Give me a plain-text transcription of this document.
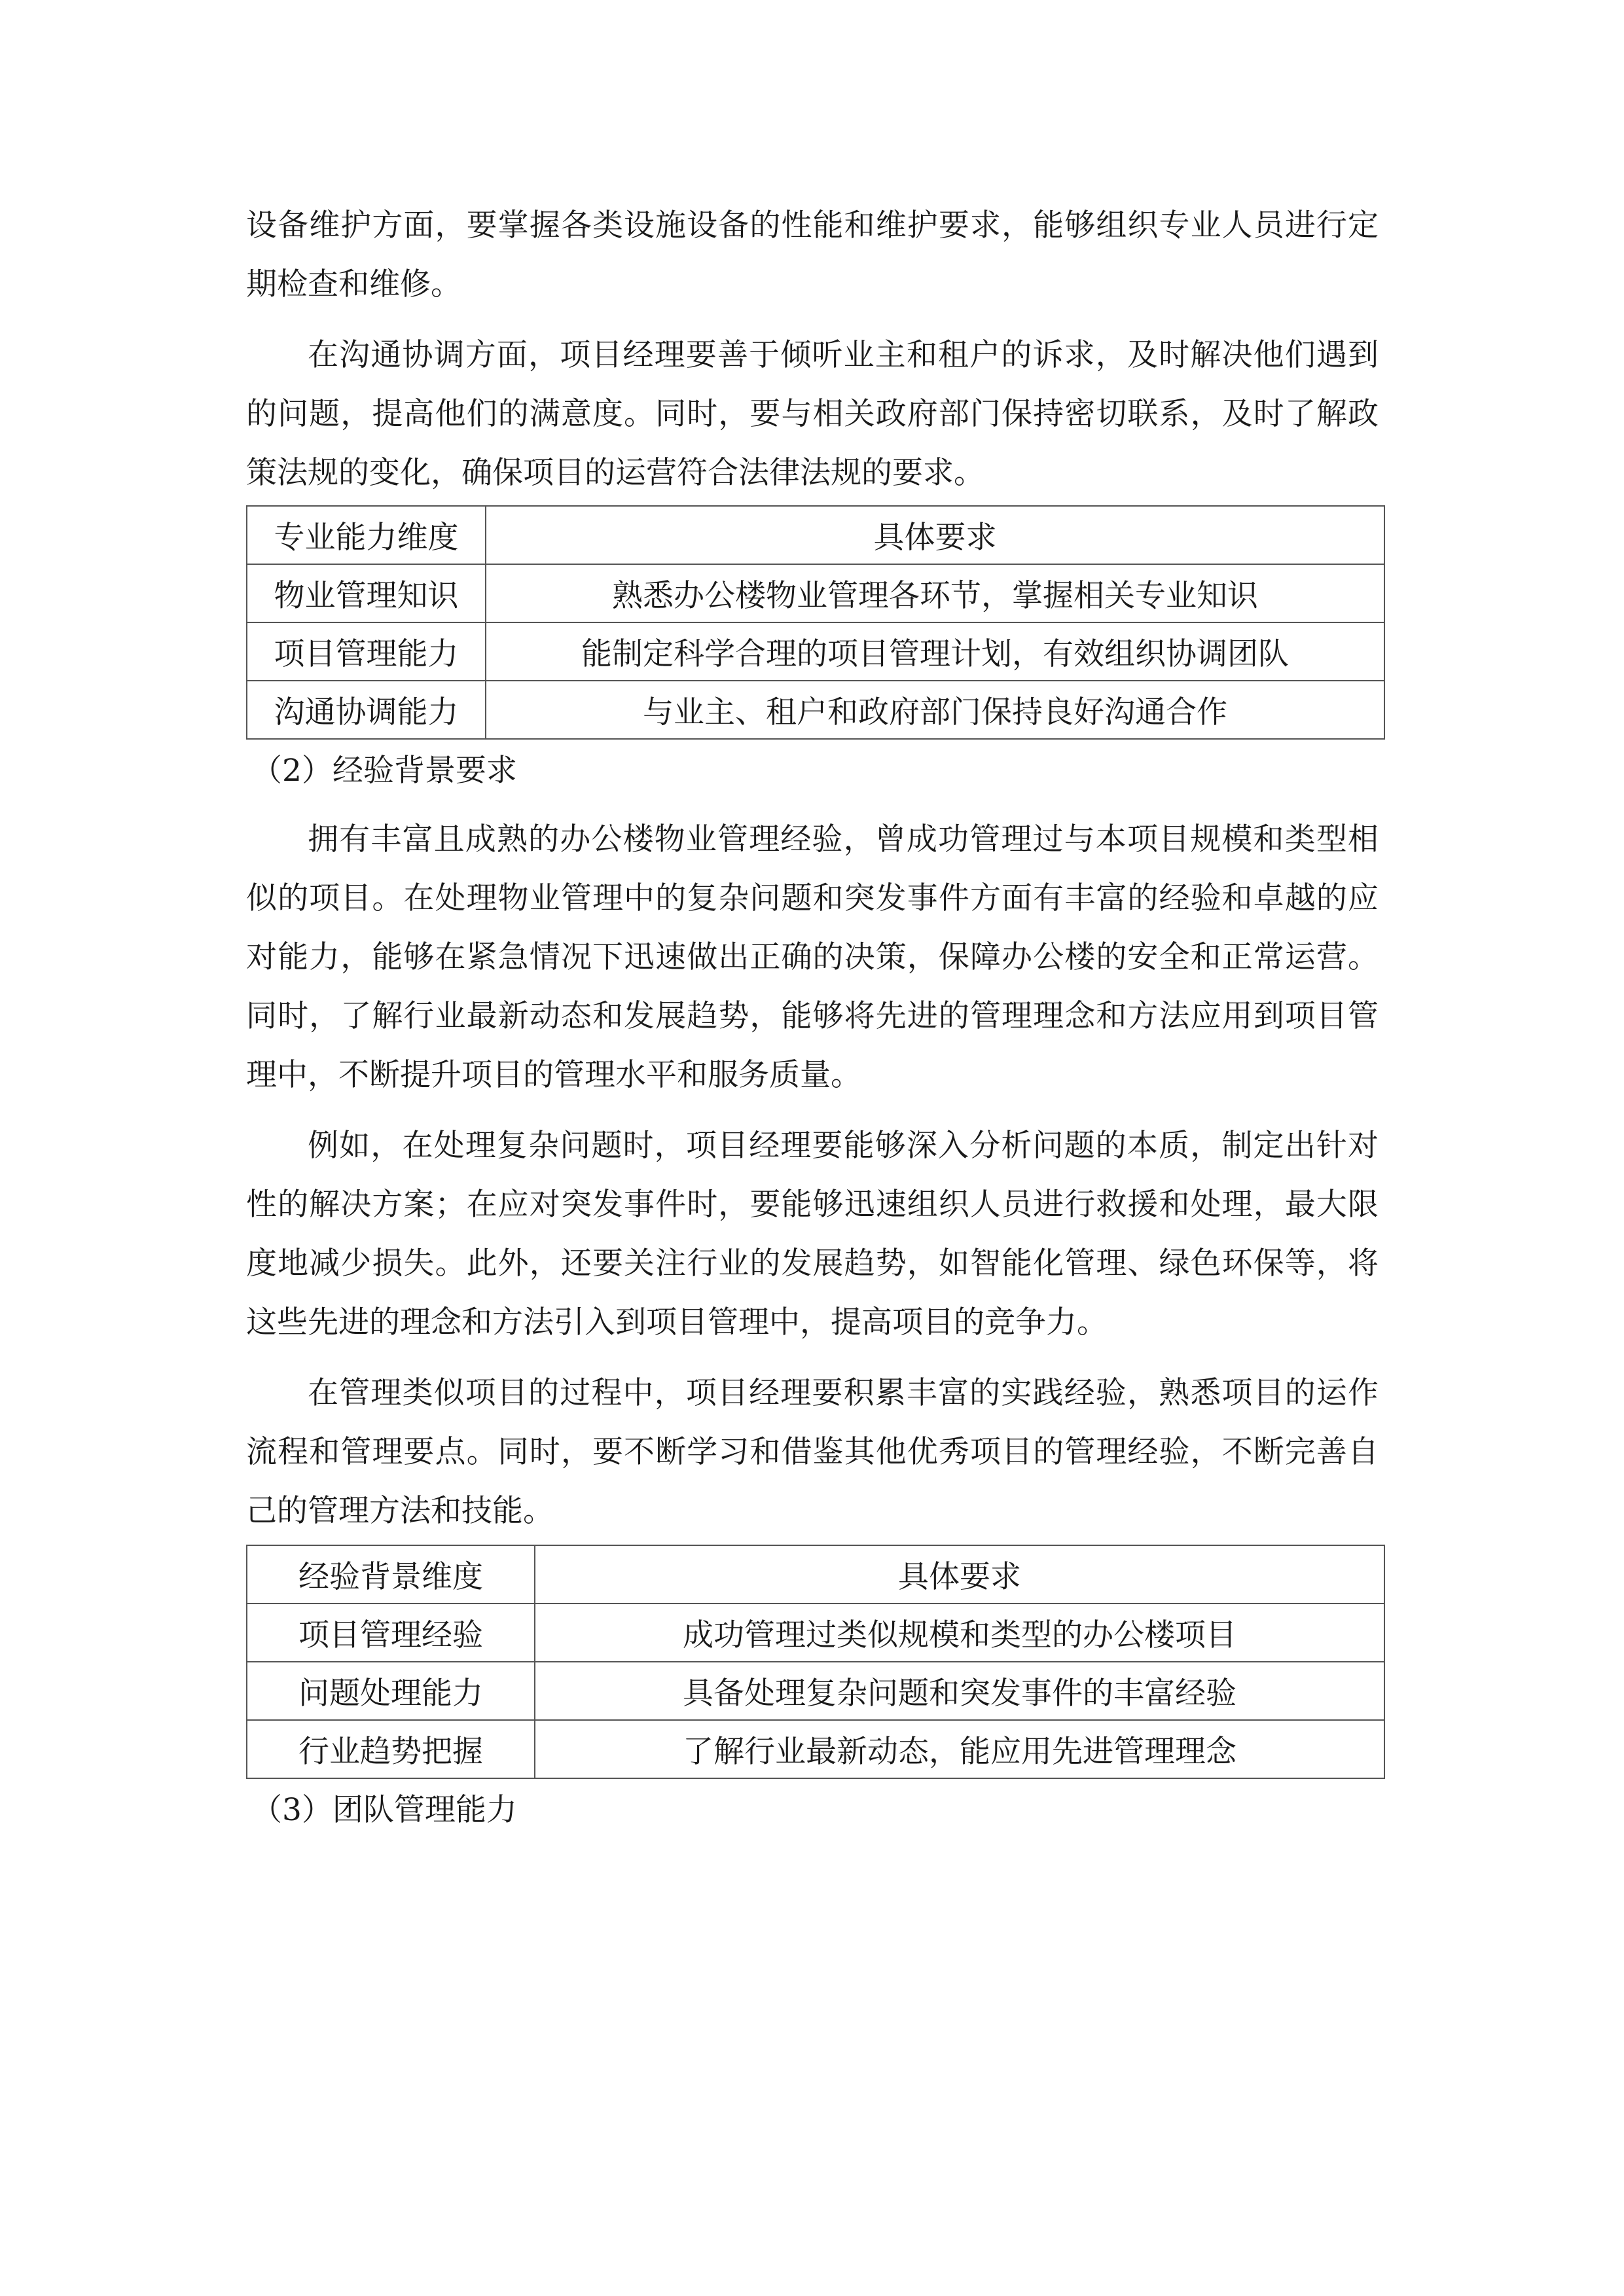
设备维护方面，要掌握各类设施设备的性能和维护要求，能够组织专业人员进行定期检查和维修。

在沟通协调方面，项目经理要善于倾听业主和租户的诉求，及时解决他们遇到的问题，提高他们的满意度。同时，要与相关政府部门保持密切联系，及时了解政策法规的变化，确保项目的运营符合法律法规的要求。

专业能力维度	具体要求
物业管理知识	熟悉办公楼物业管理各环节，掌握相关专业知识
项目管理能力	能制定科学合理的项目管理计划，有效组织协调团队
沟通协调能力	与业主、租户和政府部门保持良好沟通合作

（2）经验背景要求

拥有丰富且成熟的办公楼物业管理经验，曾成功管理过与本项目规模和类型相似的项目。在处理物业管理中的复杂问题和突发事件方面有丰富的经验和卓越的应对能力，能够在紧急情况下迅速做出正确的决策，保障办公楼的安全和正常运营。同时，了解行业最新动态和发展趋势，能够将先进的管理理念和方法应用到项目管理中，不断提升项目的管理水平和服务质量。

例如，在处理复杂问题时，项目经理要能够深入分析问题的本质，制定出针对性的解决方案；在应对突发事件时，要能够迅速组织人员进行救援和处理，最大限度地减少损失。此外，还要关注行业的发展趋势，如智能化管理、绿色环保等，将这些先进的理念和方法引入到项目管理中，提高项目的竞争力。

在管理类似项目的过程中，项目经理要积累丰富的实践经验，熟悉项目的运作流程和管理要点。同时，要不断学习和借鉴其他优秀项目的管理经验，不断完善自己的管理方法和技能。

经验背景维度	具体要求
项目管理经验	成功管理过类似规模和类型的办公楼项目
问题处理能力	具备处理复杂问题和突发事件的丰富经验
行业趋势把握	了解行业最新动态，能应用先进管理理念

（3）团队管理能力
